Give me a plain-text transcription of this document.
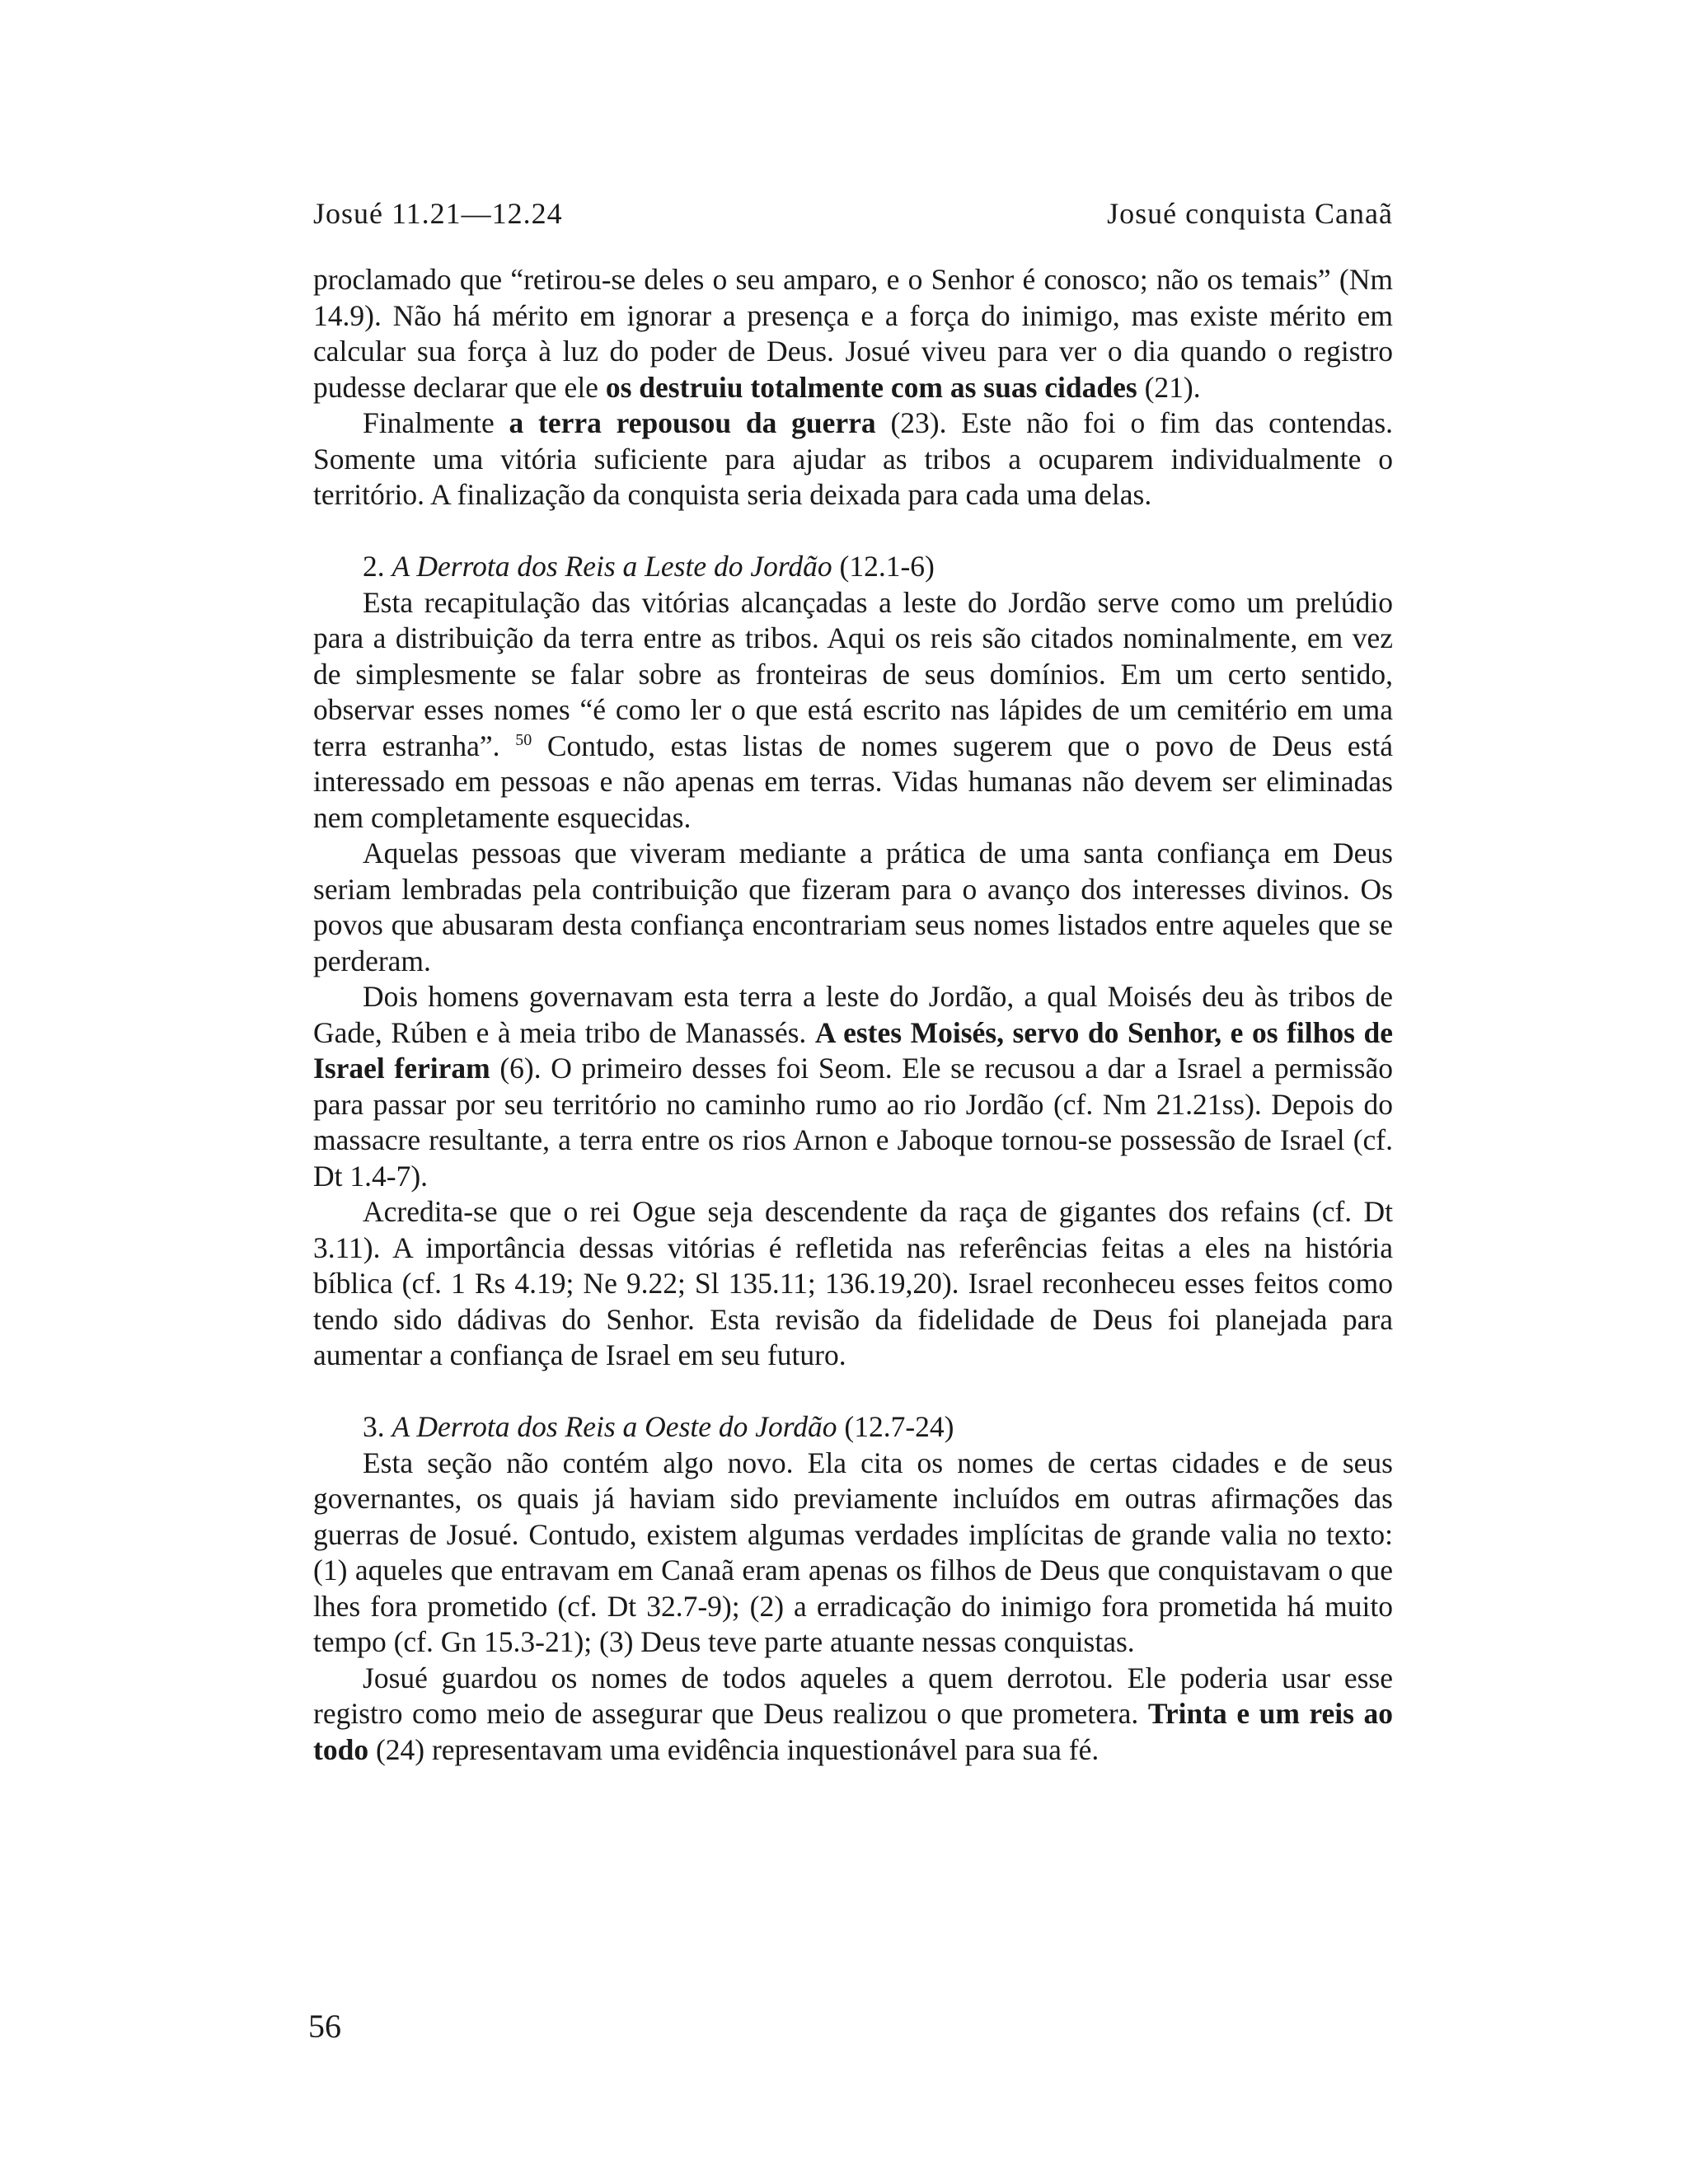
Josué 11.21—12.24	Josué conquista Canaã

proclamado que “retirou-se deles o seu amparo, e o Senhor é conosco; não os temais” (Nm 14.9). Não há mérito em ignorar a presença e a força do inimigo, mas existe mérito em calcular sua força à luz do poder de Deus. Josué viveu para ver o dia quando o registro pudesse declarar que ele os destruiu totalmente com as suas cidades (21).

Finalmente a terra repousou da guerra (23). Este não foi o fim das contendas. Somente uma vitória suficiente para ajudar as tribos a ocuparem individualmente o território. A finalização da conquista seria deixada para cada uma delas.

2. A Derrota dos Reis a Leste do Jordão (12.1-6)

Esta recapitulação das vitórias alcançadas a leste do Jordão serve como um prelúdio para a distribuição da terra entre as tribos. Aqui os reis são citados nominalmente, em vez de simplesmente se falar sobre as fronteiras de seus domínios. Em um certo sentido, observar esses nomes “é como ler o que está escrito nas lápides de um cemitério em uma terra estranha”. $^{50}$ Contudo, estas listas de nomes sugerem que o povo de Deus está interessado em pessoas e não apenas em terras. Vidas humanas não devem ser eliminadas nem completamente esquecidas.

Aquelas pessoas que viveram mediante a prática de uma santa confiança em Deus seriam lembradas pela contribuição que fizeram para o avanço dos interesses divinos. Os povos que abusaram desta confiança encontrariam seus nomes listados entre aqueles que se perderam.

Dois homens governavam esta terra a leste do Jordão, a qual Moisés deu às tribos de Gade, Rúben e à meia tribo de Manassés. A estes Moisés, servo do Senhor, e os filhos de Israel feriram (6). O primeiro desses foi Seom. Ele se recusou a dar a Israel a permissão para passar por seu território no caminho rumo ao rio Jordão (cf. Nm 21.21ss). Depois do massacre resultante, a terra entre os rios Arnon e Jaboque tornou-se possessão de Israel (cf. Dt 1.4-7).

Acredita-se que o rei Ogue seja descendente da raça de gigantes dos refains (cf. Dt 3.11). A importância dessas vitórias é refletida nas referências feitas a eles na história bíblica (cf. 1 Rs 4.19; Ne 9.22; Sl 135.11; 136.19,20). Israel reconheceu esses feitos como tendo sido dádivas do Senhor. Esta revisão da fidelidade de Deus foi planejada para aumentar a confiança de Israel em seu futuro.

3. A Derrota dos Reis a Oeste do Jordão (12.7-24)

Esta seção não contém algo novo. Ela cita os nomes de certas cidades e de seus governantes, os quais já haviam sido previamente incluídos em outras afirmações das guerras de Josué. Contudo, existem algumas verdades implícitas de grande valia no texto: (1) aqueles que entravam em Canaã eram apenas os filhos de Deus que conquistavam o que lhes fora prometido (cf. Dt 32.7-9); (2) a erradicação do inimigo fora prometida há muito tempo (cf. Gn 15.3-21); (3) Deus teve parte atuante nessas conquistas.

Josué guardou os nomes de todos aqueles a quem derrotou. Ele poderia usar esse registro como meio de assegurar que Deus realizou o que prometera. Trinta e um reis ao todo (24) representavam uma evidência inquestionável para sua fé.

56
